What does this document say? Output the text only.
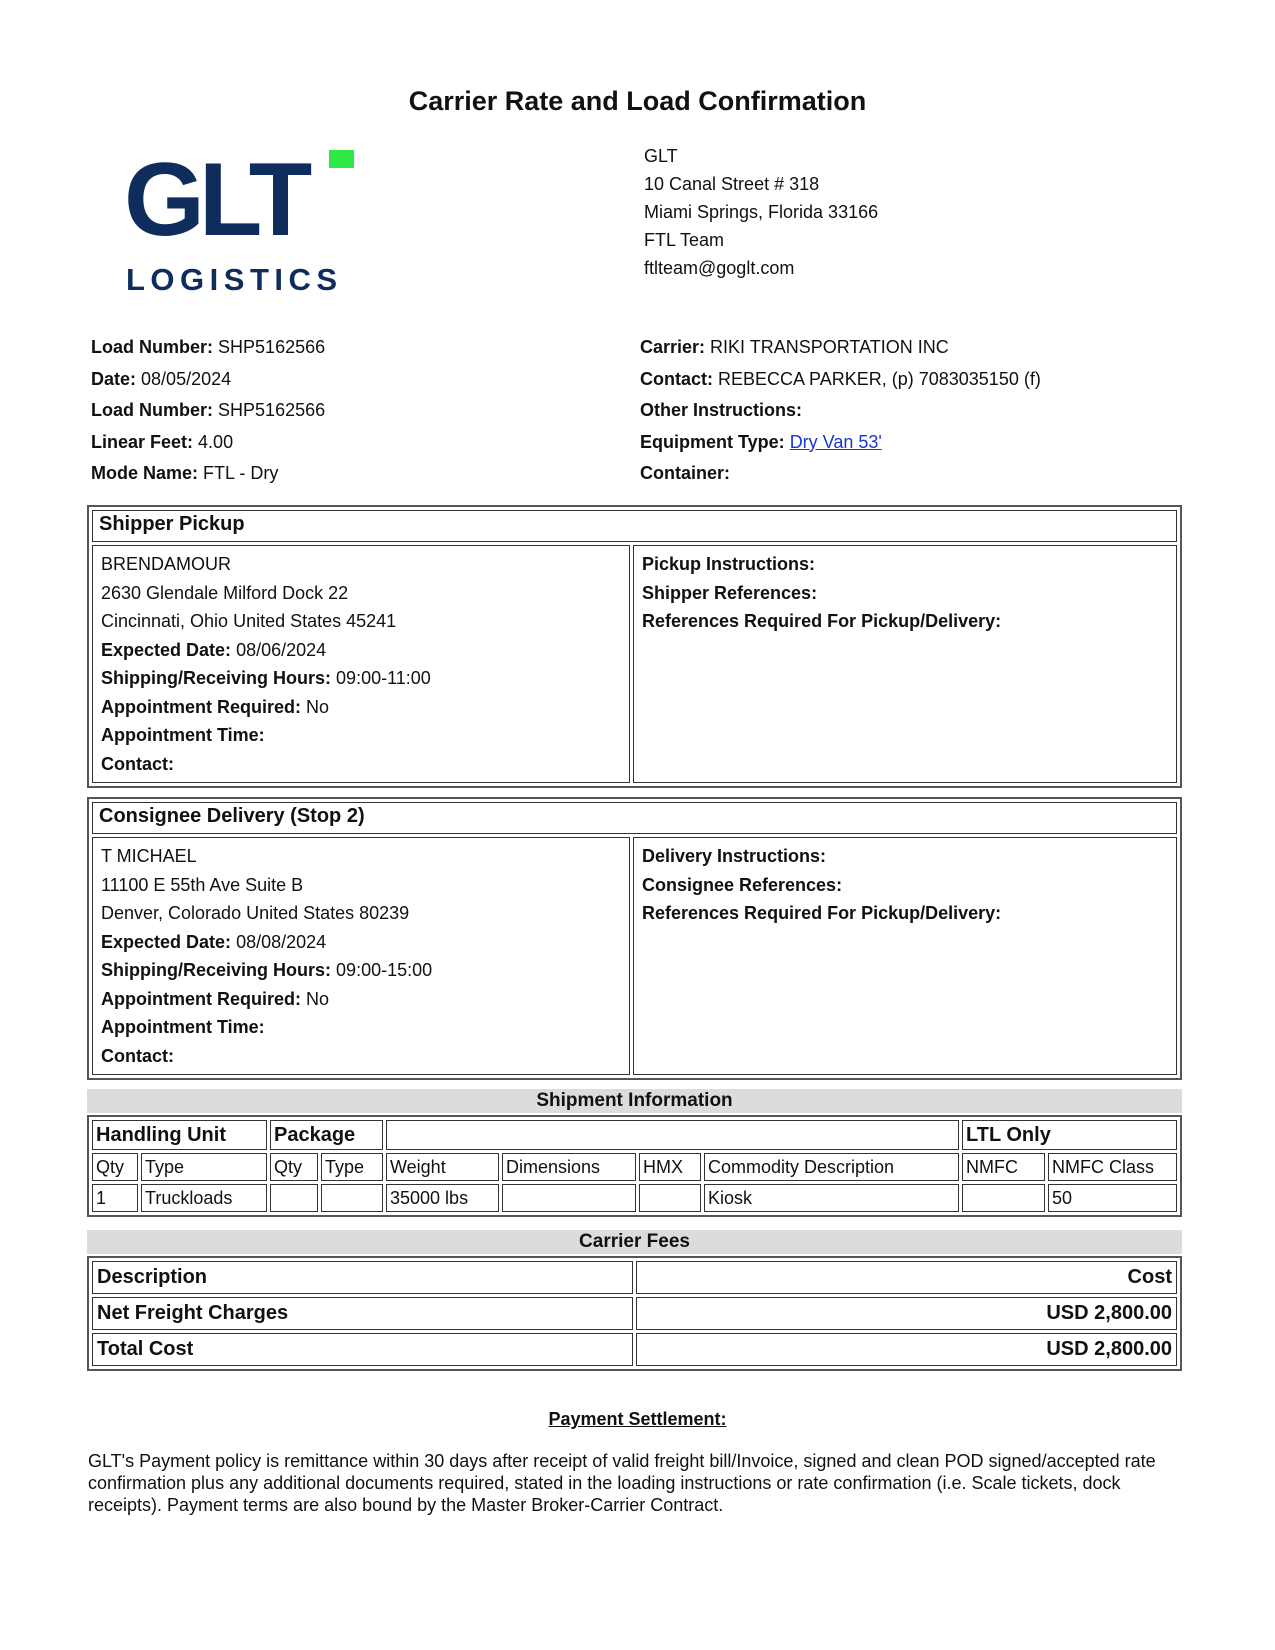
Carrier Rate and Load Confirmation
GLT
LOGISTICS
GLT
10 Canal Street # 318
Miami Springs, Florida 33166
FTL Team
ftlteam@goglt.com
Load Number: SHP5162566
Date: 08/05/2024
Load Number: SHP5162566
Linear Feet: 4.00
Mode Name: FTL - Dry
Carrier: RIKI TRANSPORTATION INC
Contact: REBECCA PARKER, (p) 7083035150 (f)
Other Instructions:
Equipment Type: Dry Van 53'
Container:
Shipper Pickup

BRENDAMOUR
2630 Glendale Milford Dock 22
Cincinnati, Ohio United States 45241
Expected Date: 08/06/2024
Shipping/Receiving Hours: 09:00-11:00
Appointment Required: No
Appointment Time:
Contact:

Pickup Instructions:
Shipper References:
References Required For Pickup/Delivery:
Consignee Delivery (Stop 2)

T MICHAEL
11100 E 55th Ave Suite B
Denver, Colorado United States 80239
Expected Date: 08/08/2024
Shipping/Receiving Hours: 09:00-15:00
Appointment Required: No
Appointment Time:
Contact:

Delivery Instructions:
Consignee References:
References Required For Pickup/Delivery:
Shipment Information
Handling Unit		Package						LTL Only	
Qty	Type	Qty	Type	Weight	Dimensions	HMX	Commodity Description	NMFC	NMFC Class
1	Truckloads			35000 lbs			Kiosk		50
Carrier Fees
Description	Cost
Net Freight Charges	USD 2,800.00
Total Cost	USD 2,800.00
Payment Settlement:
GLT's Payment policy is remittance within 30 days after receipt of valid freight bill/Invoice, signed and clean POD signed/accepted rate confirmation plus any additional documents required, stated in the loading instructions or rate confirmation (i.e. Scale tickets, dock receipts). Payment terms are also bound by the Master Broker-Carrier Contract.
